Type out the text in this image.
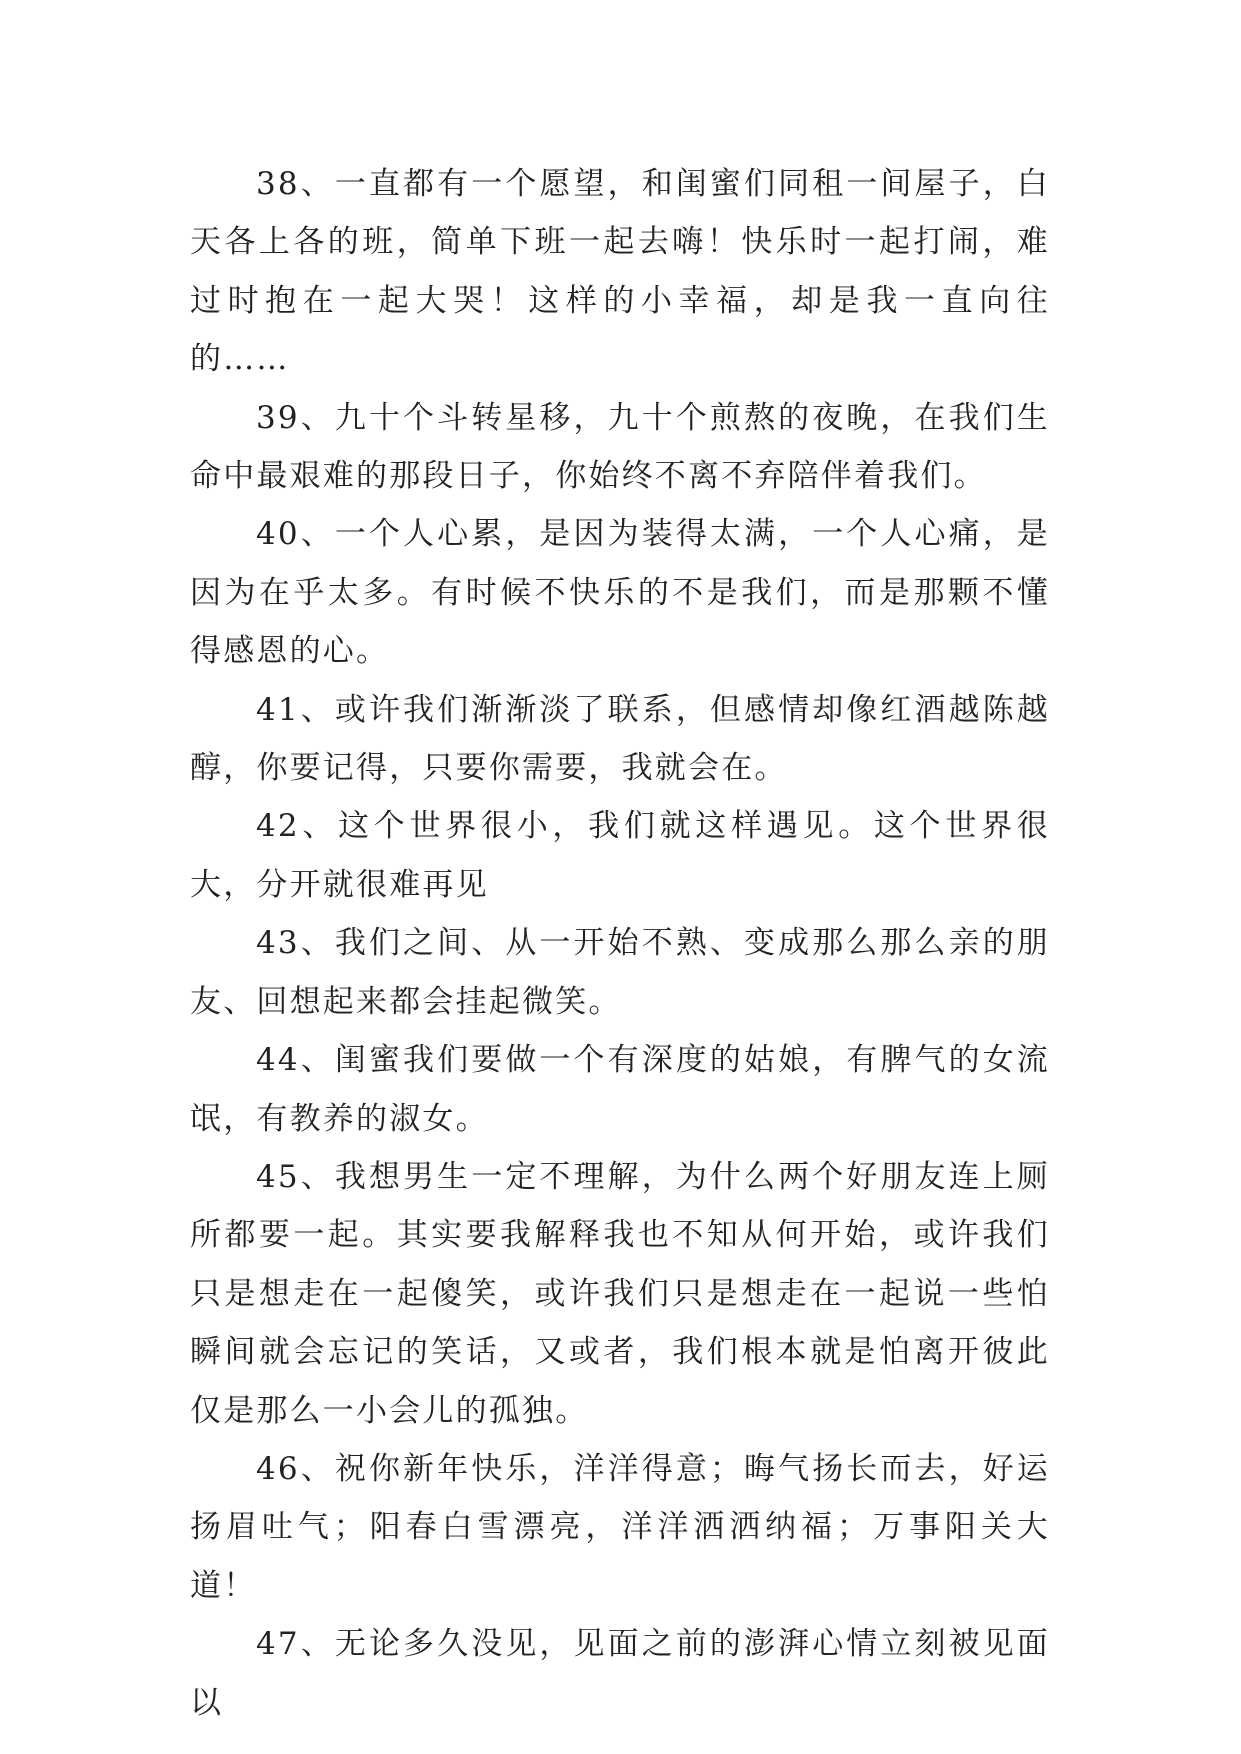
38、一直都有一个愿望，和闺蜜们同租一间屋子，白天各上各的班，简单下班一起去嗨！快乐时一起打闹，难过时抱在一起大哭！这样的小幸福，却是我一直向往的……

39、九十个斗转星移，九十个煎熬的夜晚，在我们生命中最艰难的那段日子，你始终不离不弃陪伴着我们。

40、一个人心累，是因为装得太满，一个人心痛，是因为在乎太多。有时候不快乐的不是我们，而是那颗不懂得感恩的心。

41、或许我们渐渐淡了联系，但感情却像红酒越陈越醇，你要记得，只要你需要，我就会在。

42、这个世界很小，我们就这样遇见。这个世界很大，分开就很难再见

43、我们之间、从一开始不熟、变成那么那么亲的朋友、回想起来都会挂起微笑。

44、闺蜜我们要做一个有深度的姑娘，有脾气的女流氓，有教养的淑女。

45、我想男生一定不理解，为什么两个好朋友连上厕所都要一起。其实要我解释我也不知从何开始，或许我们只是想走在一起傻笑，或许我们只是想走在一起说一些怕瞬间就会忘记的笑话，又或者，我们根本就是怕离开彼此仅是那么一小会儿的孤独。

46、祝你新年快乐，洋洋得意；晦气扬长而去，好运扬眉吐气；阳春白雪漂亮，洋洋洒洒纳福；万事阳关大道！

47、无论多久没见，见面之前的澎湃心情立刻被见面以
